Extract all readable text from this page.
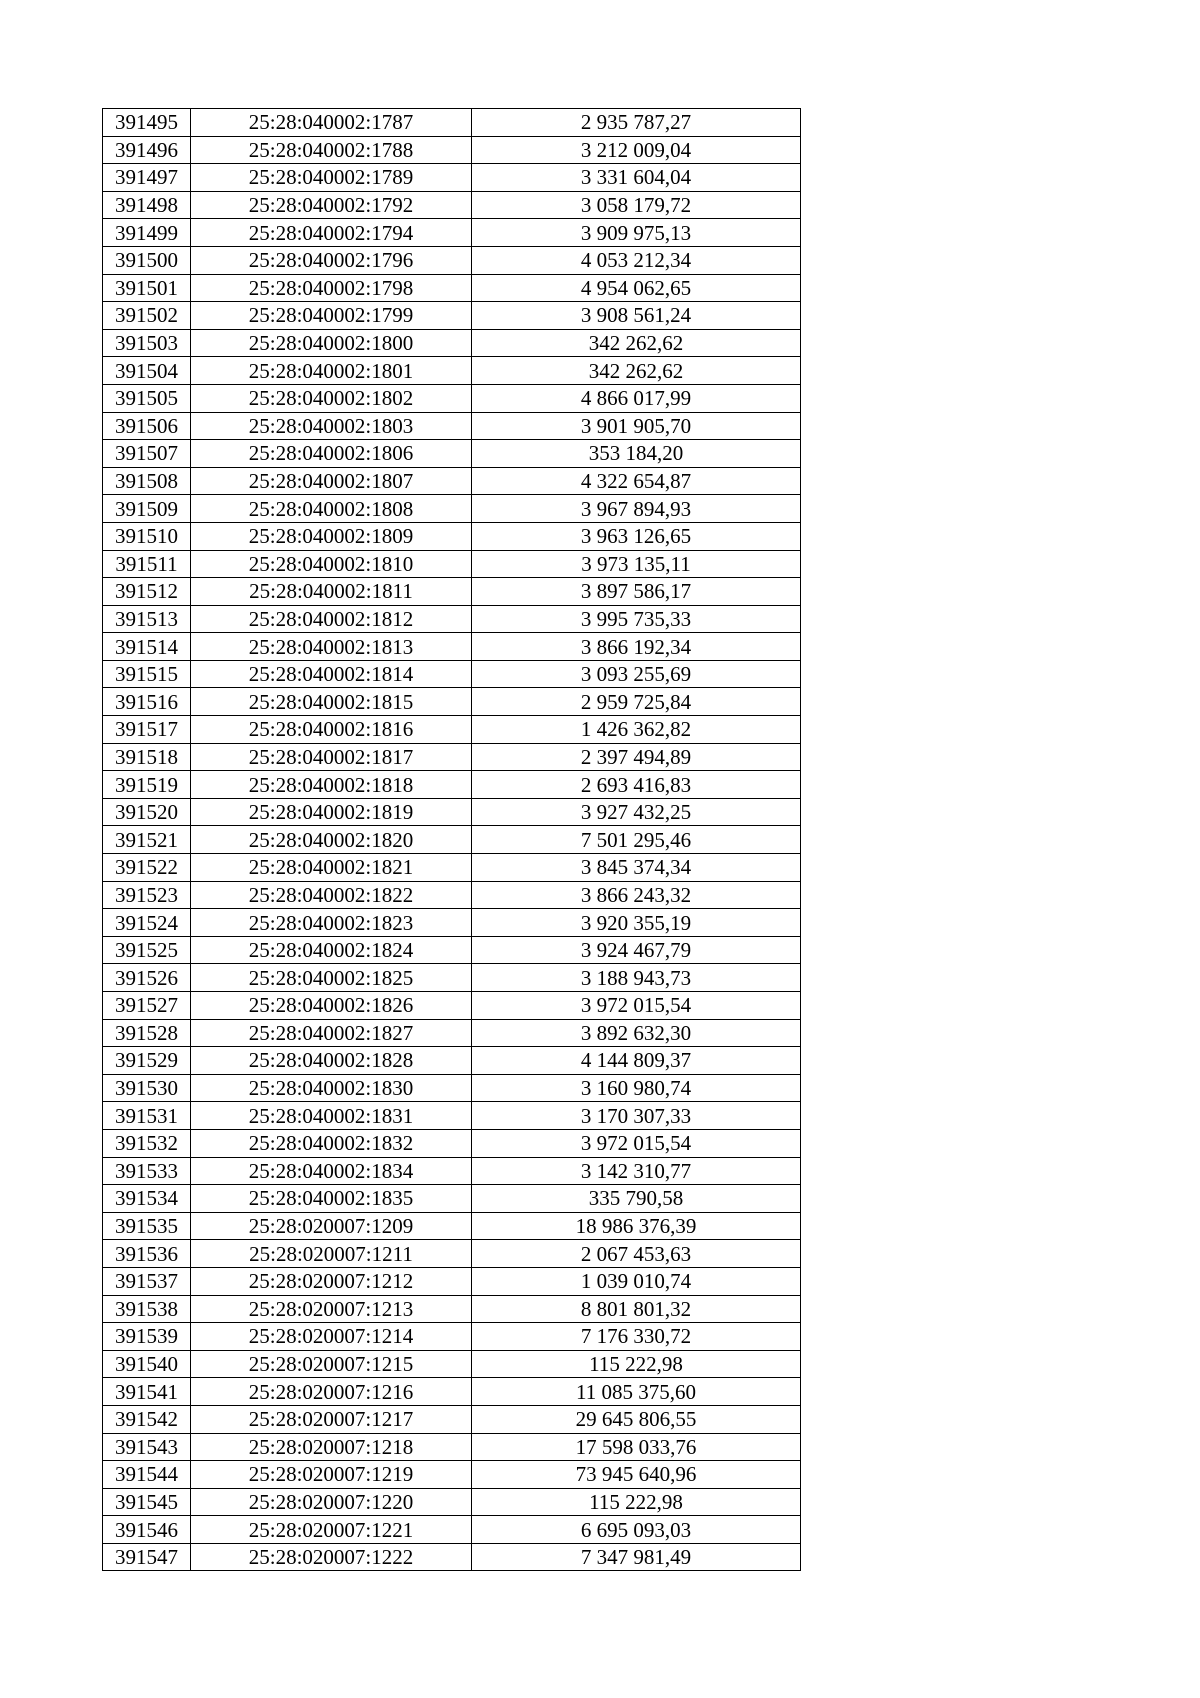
391495	25:28:040002:1787	2 935 787,27
391496	25:28:040002:1788	3 212 009,04
391497	25:28:040002:1789	3 331 604,04
391498	25:28:040002:1792	3 058 179,72
391499	25:28:040002:1794	3 909 975,13
391500	25:28:040002:1796	4 053 212,34
391501	25:28:040002:1798	4 954 062,65
391502	25:28:040002:1799	3 908 561,24
391503	25:28:040002:1800	342 262,62
391504	25:28:040002:1801	342 262,62
391505	25:28:040002:1802	4 866 017,99
391506	25:28:040002:1803	3 901 905,70
391507	25:28:040002:1806	353 184,20
391508	25:28:040002:1807	4 322 654,87
391509	25:28:040002:1808	3 967 894,93
391510	25:28:040002:1809	3 963 126,65
391511	25:28:040002:1810	3 973 135,11
391512	25:28:040002:1811	3 897 586,17
391513	25:28:040002:1812	3 995 735,33
391514	25:28:040002:1813	3 866 192,34
391515	25:28:040002:1814	3 093 255,69
391516	25:28:040002:1815	2 959 725,84
391517	25:28:040002:1816	1 426 362,82
391518	25:28:040002:1817	2 397 494,89
391519	25:28:040002:1818	2 693 416,83
391520	25:28:040002:1819	3 927 432,25
391521	25:28:040002:1820	7 501 295,46
391522	25:28:040002:1821	3 845 374,34
391523	25:28:040002:1822	3 866 243,32
391524	25:28:040002:1823	3 920 355,19
391525	25:28:040002:1824	3 924 467,79
391526	25:28:040002:1825	3 188 943,73
391527	25:28:040002:1826	3 972 015,54
391528	25:28:040002:1827	3 892 632,30
391529	25:28:040002:1828	4 144 809,37
391530	25:28:040002:1830	3 160 980,74
391531	25:28:040002:1831	3 170 307,33
391532	25:28:040002:1832	3 972 015,54
391533	25:28:040002:1834	3 142 310,77
391534	25:28:040002:1835	335 790,58
391535	25:28:020007:1209	18 986 376,39
391536	25:28:020007:1211	2 067 453,63
391537	25:28:020007:1212	1 039 010,74
391538	25:28:020007:1213	8 801 801,32
391539	25:28:020007:1214	7 176 330,72
391540	25:28:020007:1215	115 222,98
391541	25:28:020007:1216	11 085 375,60
391542	25:28:020007:1217	29 645 806,55
391543	25:28:020007:1218	17 598 033,76
391544	25:28:020007:1219	73 945 640,96
391545	25:28:020007:1220	115 222,98
391546	25:28:020007:1221	6 695 093,03
391547	25:28:020007:1222	7 347 981,49
